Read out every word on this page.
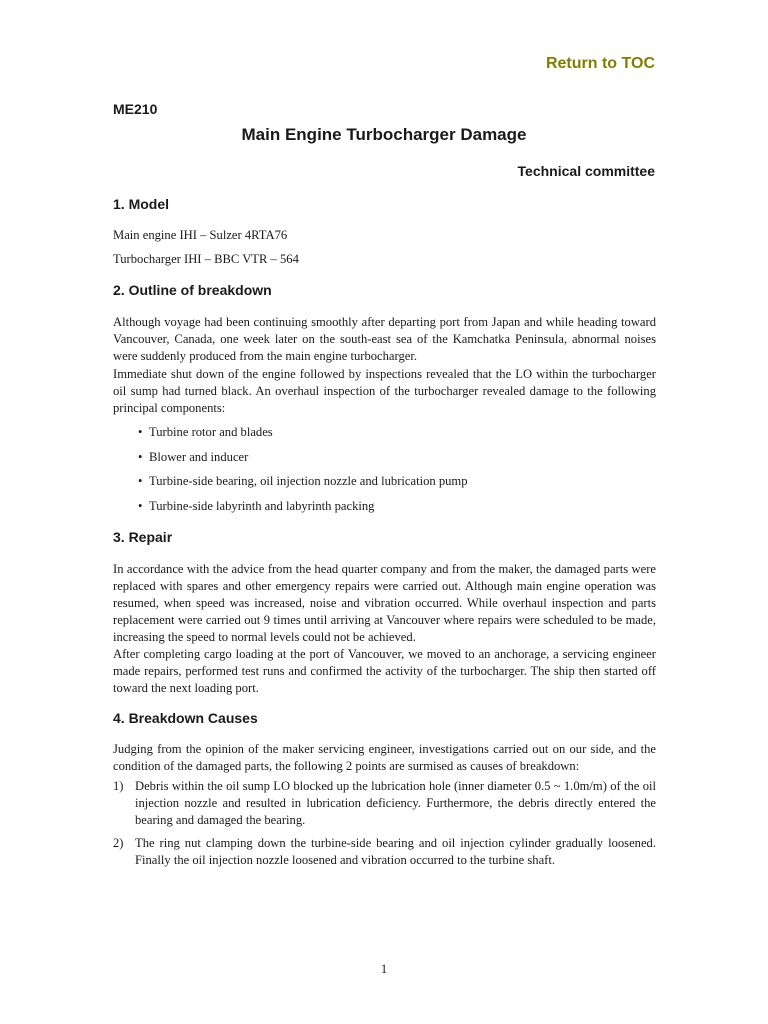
Return to TOC
ME210
Main Engine Turbocharger Damage
Technical committee
1. Model
Main engine IHI – Sulzer 4RTA76
Turbocharger IHI – BBC VTR – 564
2. Outline of breakdown

Although voyage had been continuing smoothly after departing port from Japan and while heading toward Vancouver, Canada, one week later on the south-east sea of the Kamchatka Peninsula, abnormal noises were suddenly produced from the main engine turbocharger.

Immediate shut down of the engine followed by inspections revealed that the LO within the turbocharger oil sump had turned black. An overhaul inspection of the turbocharger revealed damage to the following principal components:

• Turbine rotor and blades
• Blower and inducer
• Turbine-side bearing, oil injection nozzle and lubrication pump
• Turbine-side labyrinth and labyrinth packing
3. Repair

In accordance with the advice from the head quarter company and from the maker, the damaged parts were replaced with spares and other emergency repairs were carried out. Although main engine operation was resumed, when speed was increased, noise and vibration occurred. While overhaul inspection and parts replacement were carried out 9 times until arriving at Vancouver where repairs were scheduled to be made, increasing the speed to normal levels could not be achieved.

After completing cargo loading at the port of Vancouver, we moved to an anchorage, a servicing engineer made repairs, performed test runs and confirmed the activity of the turbocharger. The ship then started off toward the next loading port.

4. Breakdown Causes

Judging from the opinion of the maker servicing engineer, investigations carried out on our side, and the condition of the damaged parts, the following 2 points are surmised as causes of breakdown:

1) Debris within the oil sump LO blocked up the lubrication hole (inner diameter 0.5 ~ 1.0m/m) of the oil injection nozzle and resulted in lubrication deficiency. Furthermore, the debris directly entered the bearing and damaged the bearing.
2) The ring nut clamping down the turbine-side bearing and oil injection cylinder gradually loosened. Finally the oil injection nozzle loosened and vibration occurred to the turbine shaft.
1
